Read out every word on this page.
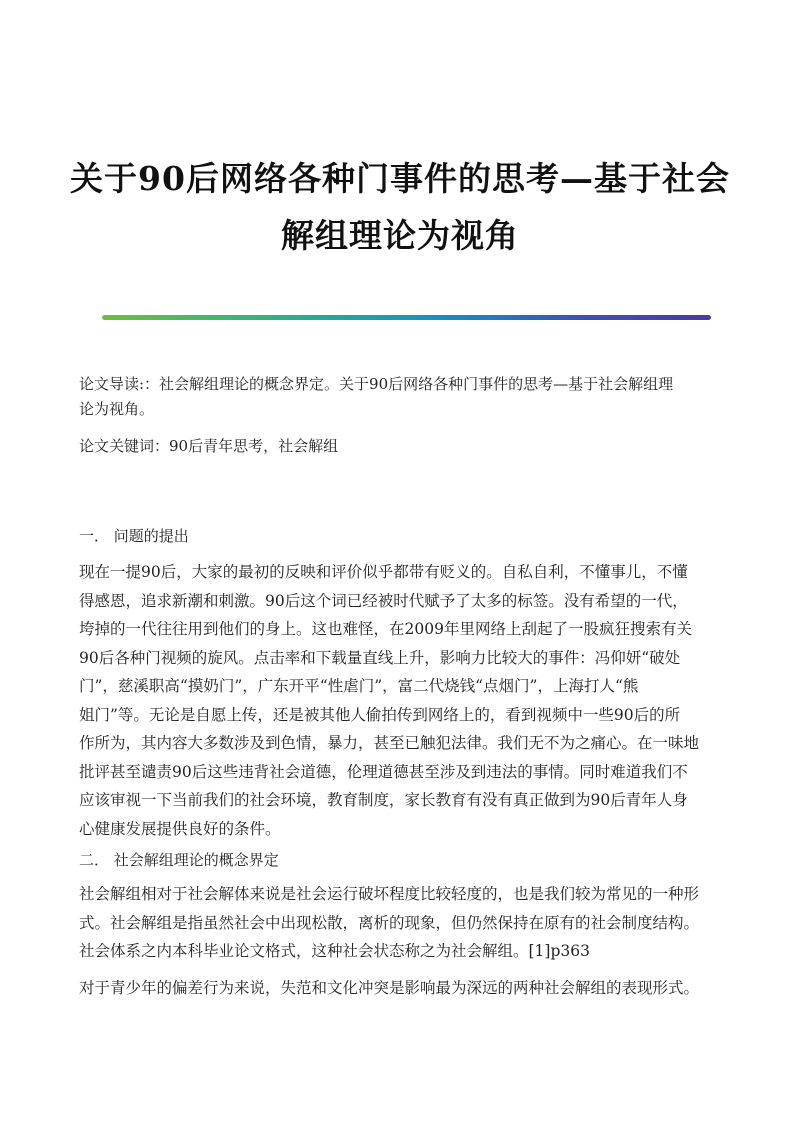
关于90后网络各种门事件的思考—基于社会
解组理论为视角
论文导读:：社会解组理论的概念界定。关于90后网络各种门事件的思考—基于社会解组理
论为视角。
论文关键词：90后青年思考，社会解组
一． 问题的提出
现在一提90后，大家的最初的反映和评价似乎都带有贬义的。自私自利，不懂事儿，不懂
得感恩，追求新潮和刺激。90后这个词已经被时代赋予了太多的标签。没有希望的一代，
垮掉的一代往往用到他们的身上。这也难怪，在2009年里网络上刮起了一股疯狂搜索有关
90后各种门视频的旋风。点击率和下载量直线上升，影响力比较大的事件：冯仰妍“破处
门”，慈溪职高“摸奶门”，广东开平“性虐门”，富二代烧钱“点烟门”，上海打人“熊
姐门”等。无论是自愿上传，还是被其他人偷拍传到网络上的，看到视频中一些90后的所
作所为，其内容大多数涉及到色情，暴力，甚至已触犯法律。我们无不为之痛心。在一味地
批评甚至谴责90后这些违背社会道德，伦理道德甚至涉及到违法的事情。同时难道我们不
应该审视一下当前我们的社会环境，教育制度，家长教育有没有真正做到为90后青年人身
心健康发展提供良好的条件。
二． 社会解组理论的概念界定
社会解组相对于社会解体来说是社会运行破坏程度比较轻度的，也是我们较为常见的一种形
式。社会解组是指虽然社会中出现松散，离析的现象，但仍然保持在原有的社会制度结构。
社会体系之内本科毕业论文格式，这种社会状态称之为社会解组。[1]p363
对于青少年的偏差行为来说，失范和文化冲突是影响最为深远的两种社会解组的表现形式。
